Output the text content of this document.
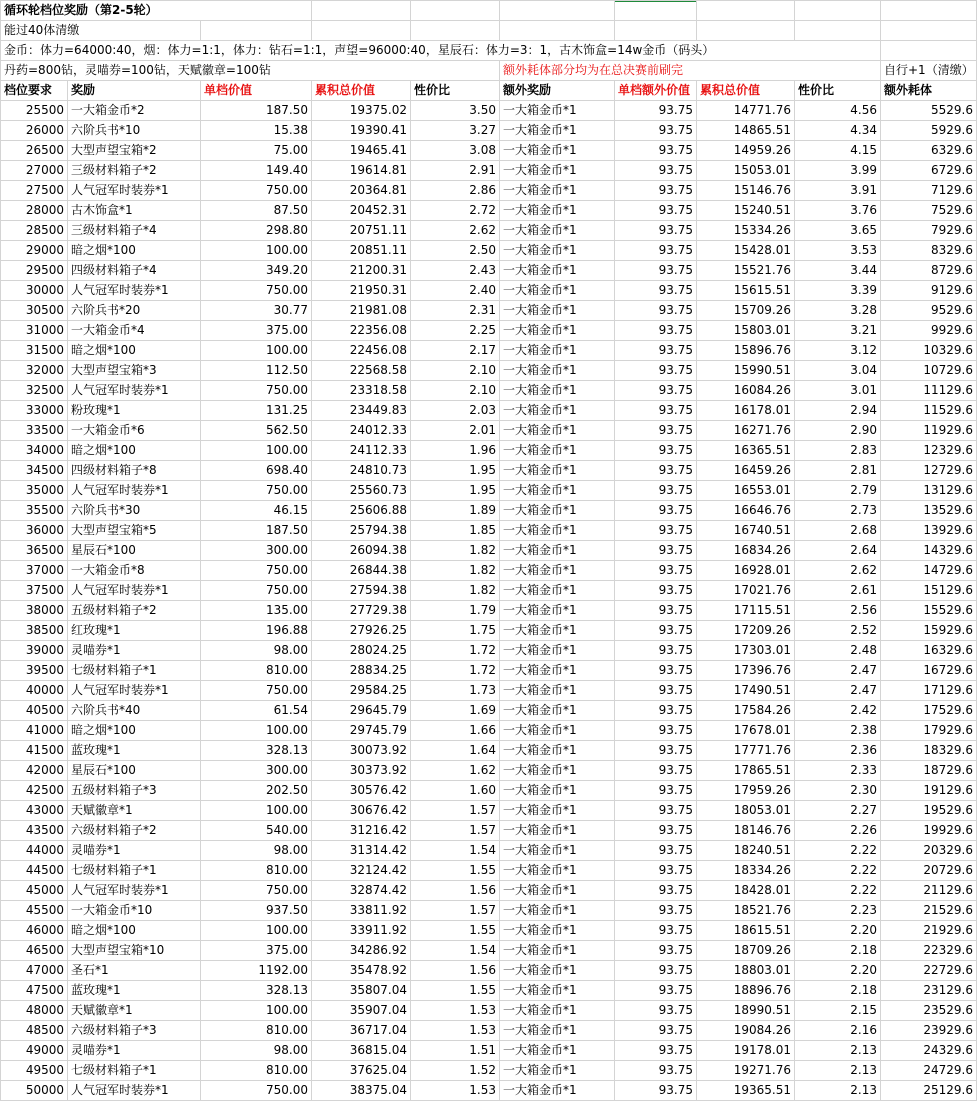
循环轮档位奖励（第2-5轮）									
能过40体清缴									
金币：体力=64000:40，烟：体力=1:1，体力：钻石=1:1，声望=96000:40，星辰石：体力=3：1，古木饰盒=14w金币（码头）									
丹药=800钻，灵喵券=100钻，天赋徽章=100钻					额外耗体部分均为在总决赛前刷完				自行+1（清缴）
档位要求	奖励	单档价值	累积总价值	性价比	额外奖励	单档额外价值	累积总价值	性价比	额外耗体
25500	一大箱金币*2	187.50	19375.02	3.50	一大箱金币*1	93.75	14771.76	4.56	5529.6
26000	六阶兵书*10	15.38	19390.41	3.27	一大箱金币*1	93.75	14865.51	4.34	5929.6
26500	大型声望宝箱*2	75.00	19465.41	3.08	一大箱金币*1	93.75	14959.26	4.15	6329.6
27000	三级材料箱子*2	149.40	19614.81	2.91	一大箱金币*1	93.75	15053.01	3.99	6729.6
27500	人气冠军时装券*1	750.00	20364.81	2.86	一大箱金币*1	93.75	15146.76	3.91	7129.6
28000	古木饰盒*1	87.50	20452.31	2.72	一大箱金币*1	93.75	15240.51	3.76	7529.6
28500	三级材料箱子*4	298.80	20751.11	2.62	一大箱金币*1	93.75	15334.26	3.65	7929.6
29000	暗之烟*100	100.00	20851.11	2.50	一大箱金币*1	93.75	15428.01	3.53	8329.6
29500	四级材料箱子*4	349.20	21200.31	2.43	一大箱金币*1	93.75	15521.76	3.44	8729.6
30000	人气冠军时装券*1	750.00	21950.31	2.40	一大箱金币*1	93.75	15615.51	3.39	9129.6
30500	六阶兵书*20	30.77	21981.08	2.31	一大箱金币*1	93.75	15709.26	3.28	9529.6
31000	一大箱金币*4	375.00	22356.08	2.25	一大箱金币*1	93.75	15803.01	3.21	9929.6
31500	暗之烟*100	100.00	22456.08	2.17	一大箱金币*1	93.75	15896.76	3.12	10329.6
32000	大型声望宝箱*3	112.50	22568.58	2.10	一大箱金币*1	93.75	15990.51	3.04	10729.6
32500	人气冠军时装券*1	750.00	23318.58	2.10	一大箱金币*1	93.75	16084.26	3.01	11129.6
33000	粉玫瑰*1	131.25	23449.83	2.03	一大箱金币*1	93.75	16178.01	2.94	11529.6
33500	一大箱金币*6	562.50	24012.33	2.01	一大箱金币*1	93.75	16271.76	2.90	11929.6
34000	暗之烟*100	100.00	24112.33	1.96	一大箱金币*1	93.75	16365.51	2.83	12329.6
34500	四级材料箱子*8	698.40	24810.73	1.95	一大箱金币*1	93.75	16459.26	2.81	12729.6
35000	人气冠军时装券*1	750.00	25560.73	1.95	一大箱金币*1	93.75	16553.01	2.79	13129.6
35500	六阶兵书*30	46.15	25606.88	1.89	一大箱金币*1	93.75	16646.76	2.73	13529.6
36000	大型声望宝箱*5	187.50	25794.38	1.85	一大箱金币*1	93.75	16740.51	2.68	13929.6
36500	星辰石*100	300.00	26094.38	1.82	一大箱金币*1	93.75	16834.26	2.64	14329.6
37000	一大箱金币*8	750.00	26844.38	1.82	一大箱金币*1	93.75	16928.01	2.62	14729.6
37500	人气冠军时装券*1	750.00	27594.38	1.82	一大箱金币*1	93.75	17021.76	2.61	15129.6
38000	五级材料箱子*2	135.00	27729.38	1.79	一大箱金币*1	93.75	17115.51	2.56	15529.6
38500	红玫瑰*1	196.88	27926.25	1.75	一大箱金币*1	93.75	17209.26	2.52	15929.6
39000	灵喵券*1	98.00	28024.25	1.72	一大箱金币*1	93.75	17303.01	2.48	16329.6
39500	七级材料箱子*1	810.00	28834.25	1.72	一大箱金币*1	93.75	17396.76	2.47	16729.6
40000	人气冠军时装券*1	750.00	29584.25	1.73	一大箱金币*1	93.75	17490.51	2.47	17129.6
40500	六阶兵书*40	61.54	29645.79	1.69	一大箱金币*1	93.75	17584.26	2.42	17529.6
41000	暗之烟*100	100.00	29745.79	1.66	一大箱金币*1	93.75	17678.01	2.38	17929.6
41500	蓝玫瑰*1	328.13	30073.92	1.64	一大箱金币*1	93.75	17771.76	2.36	18329.6
42000	星辰石*100	300.00	30373.92	1.62	一大箱金币*1	93.75	17865.51	2.33	18729.6
42500	五级材料箱子*3	202.50	30576.42	1.60	一大箱金币*1	93.75	17959.26	2.30	19129.6
43000	天赋徽章*1	100.00	30676.42	1.57	一大箱金币*1	93.75	18053.01	2.27	19529.6
43500	六级材料箱子*2	540.00	31216.42	1.57	一大箱金币*1	93.75	18146.76	2.26	19929.6
44000	灵喵券*1	98.00	31314.42	1.54	一大箱金币*1	93.75	18240.51	2.22	20329.6
44500	七级材料箱子*1	810.00	32124.42	1.55	一大箱金币*1	93.75	18334.26	2.22	20729.6
45000	人气冠军时装券*1	750.00	32874.42	1.56	一大箱金币*1	93.75	18428.01	2.22	21129.6
45500	一大箱金币*10	937.50	33811.92	1.57	一大箱金币*1	93.75	18521.76	2.23	21529.6
46000	暗之烟*100	100.00	33911.92	1.55	一大箱金币*1	93.75	18615.51	2.20	21929.6
46500	大型声望宝箱*10	375.00	34286.92	1.54	一大箱金币*1	93.75	18709.26	2.18	22329.6
47000	圣石*1	1192.00	35478.92	1.56	一大箱金币*1	93.75	18803.01	2.20	22729.6
47500	蓝玫瑰*1	328.13	35807.04	1.55	一大箱金币*1	93.75	18896.76	2.18	23129.6
48000	天赋徽章*1	100.00	35907.04	1.53	一大箱金币*1	93.75	18990.51	2.15	23529.6
48500	六级材料箱子*3	810.00	36717.04	1.53	一大箱金币*1	93.75	19084.26	2.16	23929.6
49000	灵喵券*1	98.00	36815.04	1.51	一大箱金币*1	93.75	19178.01	2.13	24329.6
49500	七级材料箱子*1	810.00	37625.04	1.52	一大箱金币*1	93.75	19271.76	2.13	24729.6
50000	人气冠军时装券*1	750.00	38375.04	1.53	一大箱金币*1	93.75	19365.51	2.13	25129.6
